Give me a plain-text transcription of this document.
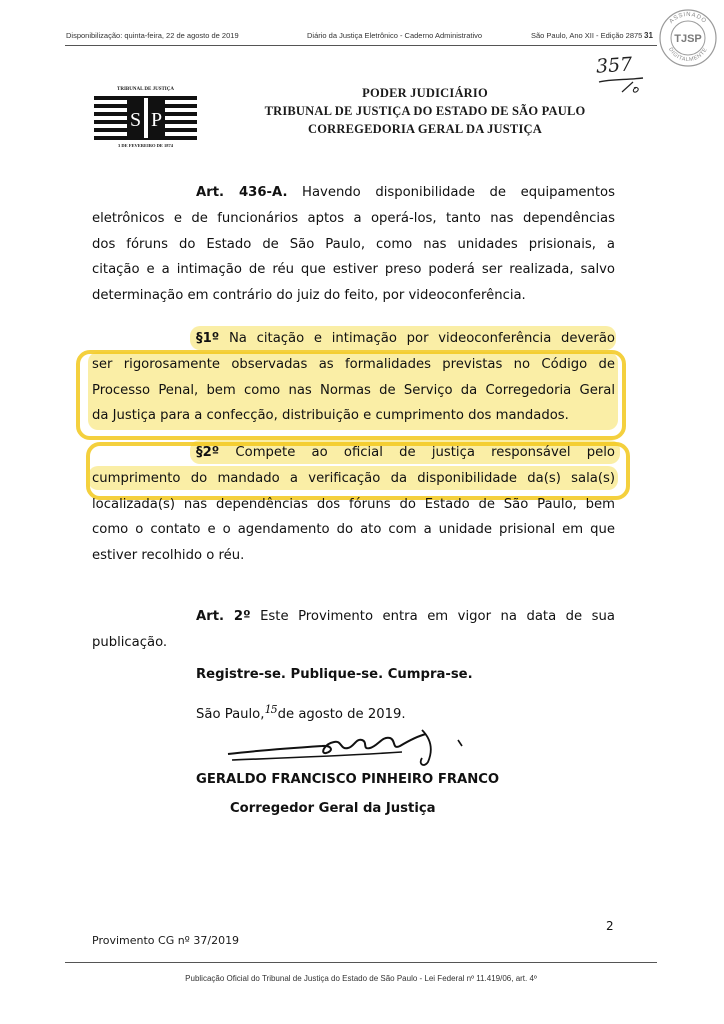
Disponibilização: quinta-feira, 22 de agosto de 2019	Diário da Justiça Eletrônico - Caderno Administrativo	São Paulo, Ano XII - Edição 2875 31
ASSINADO
DIGITALMENTE
TJSP
357
TRIBUNAL DE JUSTIÇA
S P
3 DE FEVEREIRO DE 1874
PODER JUDICIÁRIO
TRIBUNAL DE JUSTIÇA DO ESTADO DE SÃO PAULO
CORREGEDORIA GERAL DA JUSTIÇA
Art. 436-A. Havendo disponibilidade de equipamentos
eletrônicos e de funcionários aptos a operá-los, tanto nas dependências
dos fóruns do Estado de São Paulo, como nas unidades prisionais, a
citação e a intimação de réu que estiver preso poderá ser realizada, salvo
determinação em contrário do juiz do feito, por videoconferência.
§1º Na citação e intimação por videoconferência deverão
ser rigorosamente observadas as formalidades previstas no Código de
Processo Penal, bem como nas Normas de Serviço da Corregedoria Geral
da Justiça para a confecção, distribuição e cumprimento dos mandados.
§2º Compete ao oficial de justiça responsável pelo
cumprimento do mandado a verificação da disponibilidade da(s) sala(s)
localizada(s) nas dependências dos fóruns do Estado de São Paulo, bem
como o contato e o agendamento do ato com a unidade prisional em que
estiver recolhido o réu.
Art. 2º Este Provimento entra em vigor na data de sua
publicação.
Registre-se. Publique-se. Cumpra-se.
São Paulo, $^{15}$de agosto de 2019.
GERALDO FRANCISCO PINHEIRO FRANCO
Corregedor Geral da Justiça
2
Provimento CG nº 37/2019
Publicação Oficial do Tribunal de Justiça do Estado de São Paulo - Lei Federal nº 11.419/06, art. 4º
